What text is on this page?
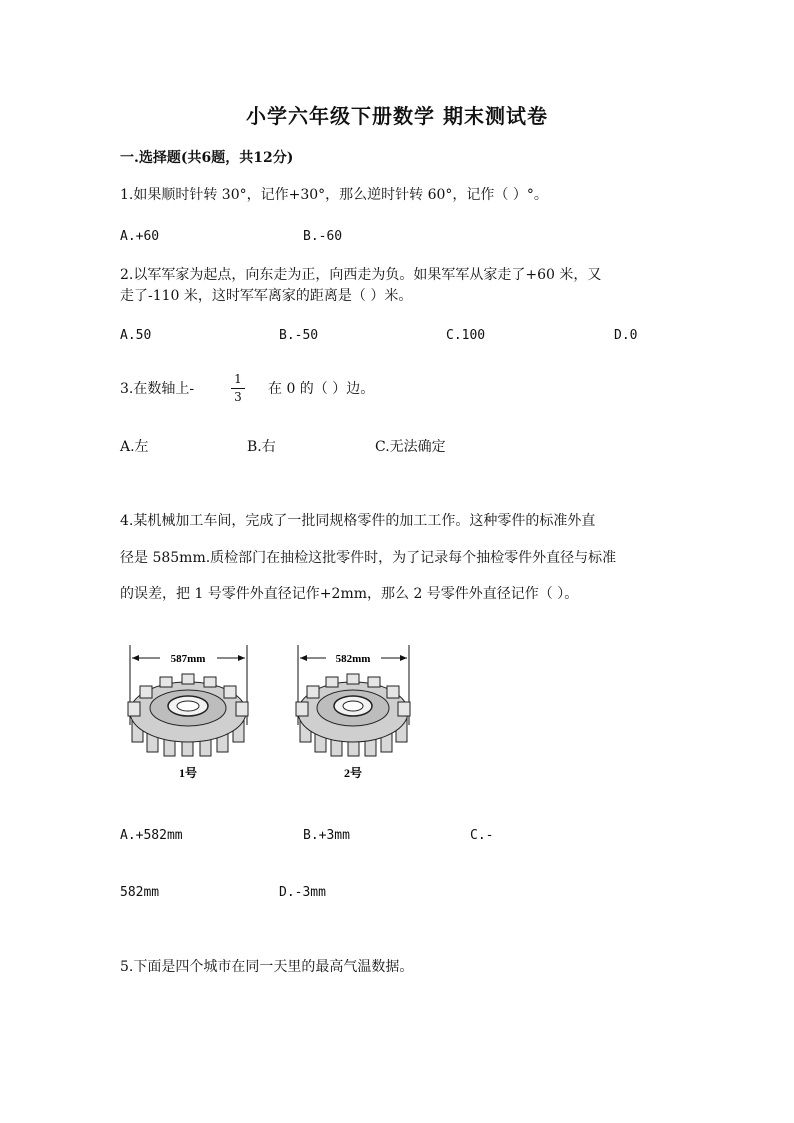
小学六年级下册数学 期末测试卷
一.选择题(共6题，共12分)
1.如果顺时针转 30°，记作+30°，那么逆时针转 60°，记作（ ）°。
A.+60	B.-60
2.以军军家为起点，向东走为正，向西走为负。如果军军从家走了+60 米，又
走了-110 米，这时军军离家的距离是（ ）米。
A.50	B.-50	C.100	D.0
3.在数轴上-
1
3 在 0 的（ ）边。
A.左	B.右	C.无法确定
4.某机械加工车间，完成了一批同规格零件的加工工作。这种零件的标准外直
径是 585mm.质检部门在抽检这批零件时，为了记录每个抽检零件外直径与标准
的误差，把 1 号零件外直径记作+2mm，那么 2 号零件外直径记作（ ）。
587mm
1号
582mm
2号
A.+582mm	B.+3mm	C.-
582mm	D.-3mm
5.下面是四个城市在同一天里的最高气温数据。
